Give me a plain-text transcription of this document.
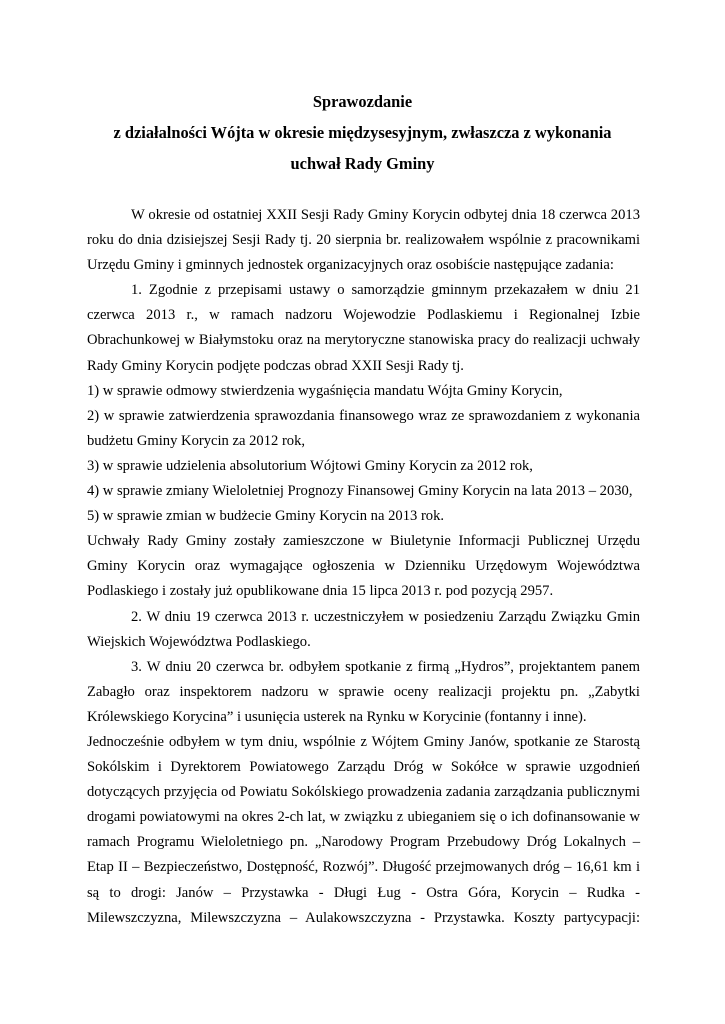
Sprawozdanie
z działalności Wójta w okresie międzysesyjnym, zwłaszcza z wykonania
uchwał Rady Gminy
W okresie od ostatniej XXII Sesji Rady Gminy Korycin odbytej dnia 18 czerwca 2013
roku do dnia dzisiejszej Sesji Rady tj. 20 sierpnia br. realizowałem wspólnie z pracownikami
Urzędu Gminy i gminnych jednostek organizacyjnych oraz osobiście następujące zadania:
1. Zgodnie z przepisami ustawy o samorządzie gminnym przekazałem w dniu 21
czerwca 2013 r., w ramach nadzoru Wojewodzie Podlaskiemu i Regionalnej Izbie
Obrachunkowej w Białymstoku oraz na merytoryczne stanowiska pracy do realizacji uchwały
Rady Gminy Korycin podjęte podczas obrad XXII Sesji Rady tj.
1) w sprawie odmowy stwierdzenia wygaśnięcia mandatu Wójta Gminy Korycin,
2) w sprawie zatwierdzenia sprawozdania finansowego wraz ze sprawozdaniem z wykonania
budżetu Gminy Korycin za 2012 rok,
3) w sprawie udzielenia absolutorium Wójtowi Gminy Korycin za 2012 rok,
4) w sprawie zmiany Wieloletniej Prognozy Finansowej Gminy Korycin na lata 2013 – 2030,
5) w sprawie zmian w budżecie Gminy Korycin na 2013 rok.
Uchwały Rady Gminy zostały zamieszczone w Biuletynie Informacji Publicznej Urzędu
Gminy Korycin oraz wymagające ogłoszenia w Dzienniku Urzędowym Województwa
Podlaskiego i zostały już opublikowane dnia 15 lipca 2013 r. pod pozycją 2957.
2. W dniu 19 czerwca 2013 r. uczestniczyłem w posiedzeniu Zarządu Związku Gmin
Wiejskich Województwa Podlaskiego.
3. W dniu 20 czerwca br. odbyłem spotkanie z firmą „Hydros”, projektantem panem
Zabagło oraz inspektorem nadzoru w sprawie oceny realizacji projektu pn. „Zabytki
Królewskiego Korycina” i usunięcia usterek na Rynku w Korycinie (fontanny i inne).
Jednocześnie odbyłem w tym dniu, wspólnie z Wójtem Gminy Janów, spotkanie ze Starostą
Sokólskim i Dyrektorem Powiatowego Zarządu Dróg w Sokółce w sprawie uzgodnień
dotyczących przyjęcia od Powiatu Sokólskiego prowadzenia zadania zarządzania publicznymi
drogami powiatowymi na okres 2-ch lat, w związku z ubieganiem się o ich dofinansowanie w
ramach Programu Wieloletniego pn. „Narodowy Program Przebudowy Dróg Lokalnych –
Etap II – Bezpieczeństwo, Dostępność, Rozwój”. Długość przejmowanych dróg – 16,61 km i
są to drogi: Janów – Przystawka - Długi Ług - Ostra Góra, Korycin – Rudka -
Milewszczyzna, Milewszczyzna – Aulakowszczyzna - Przystawka. Koszty partycypacji:
